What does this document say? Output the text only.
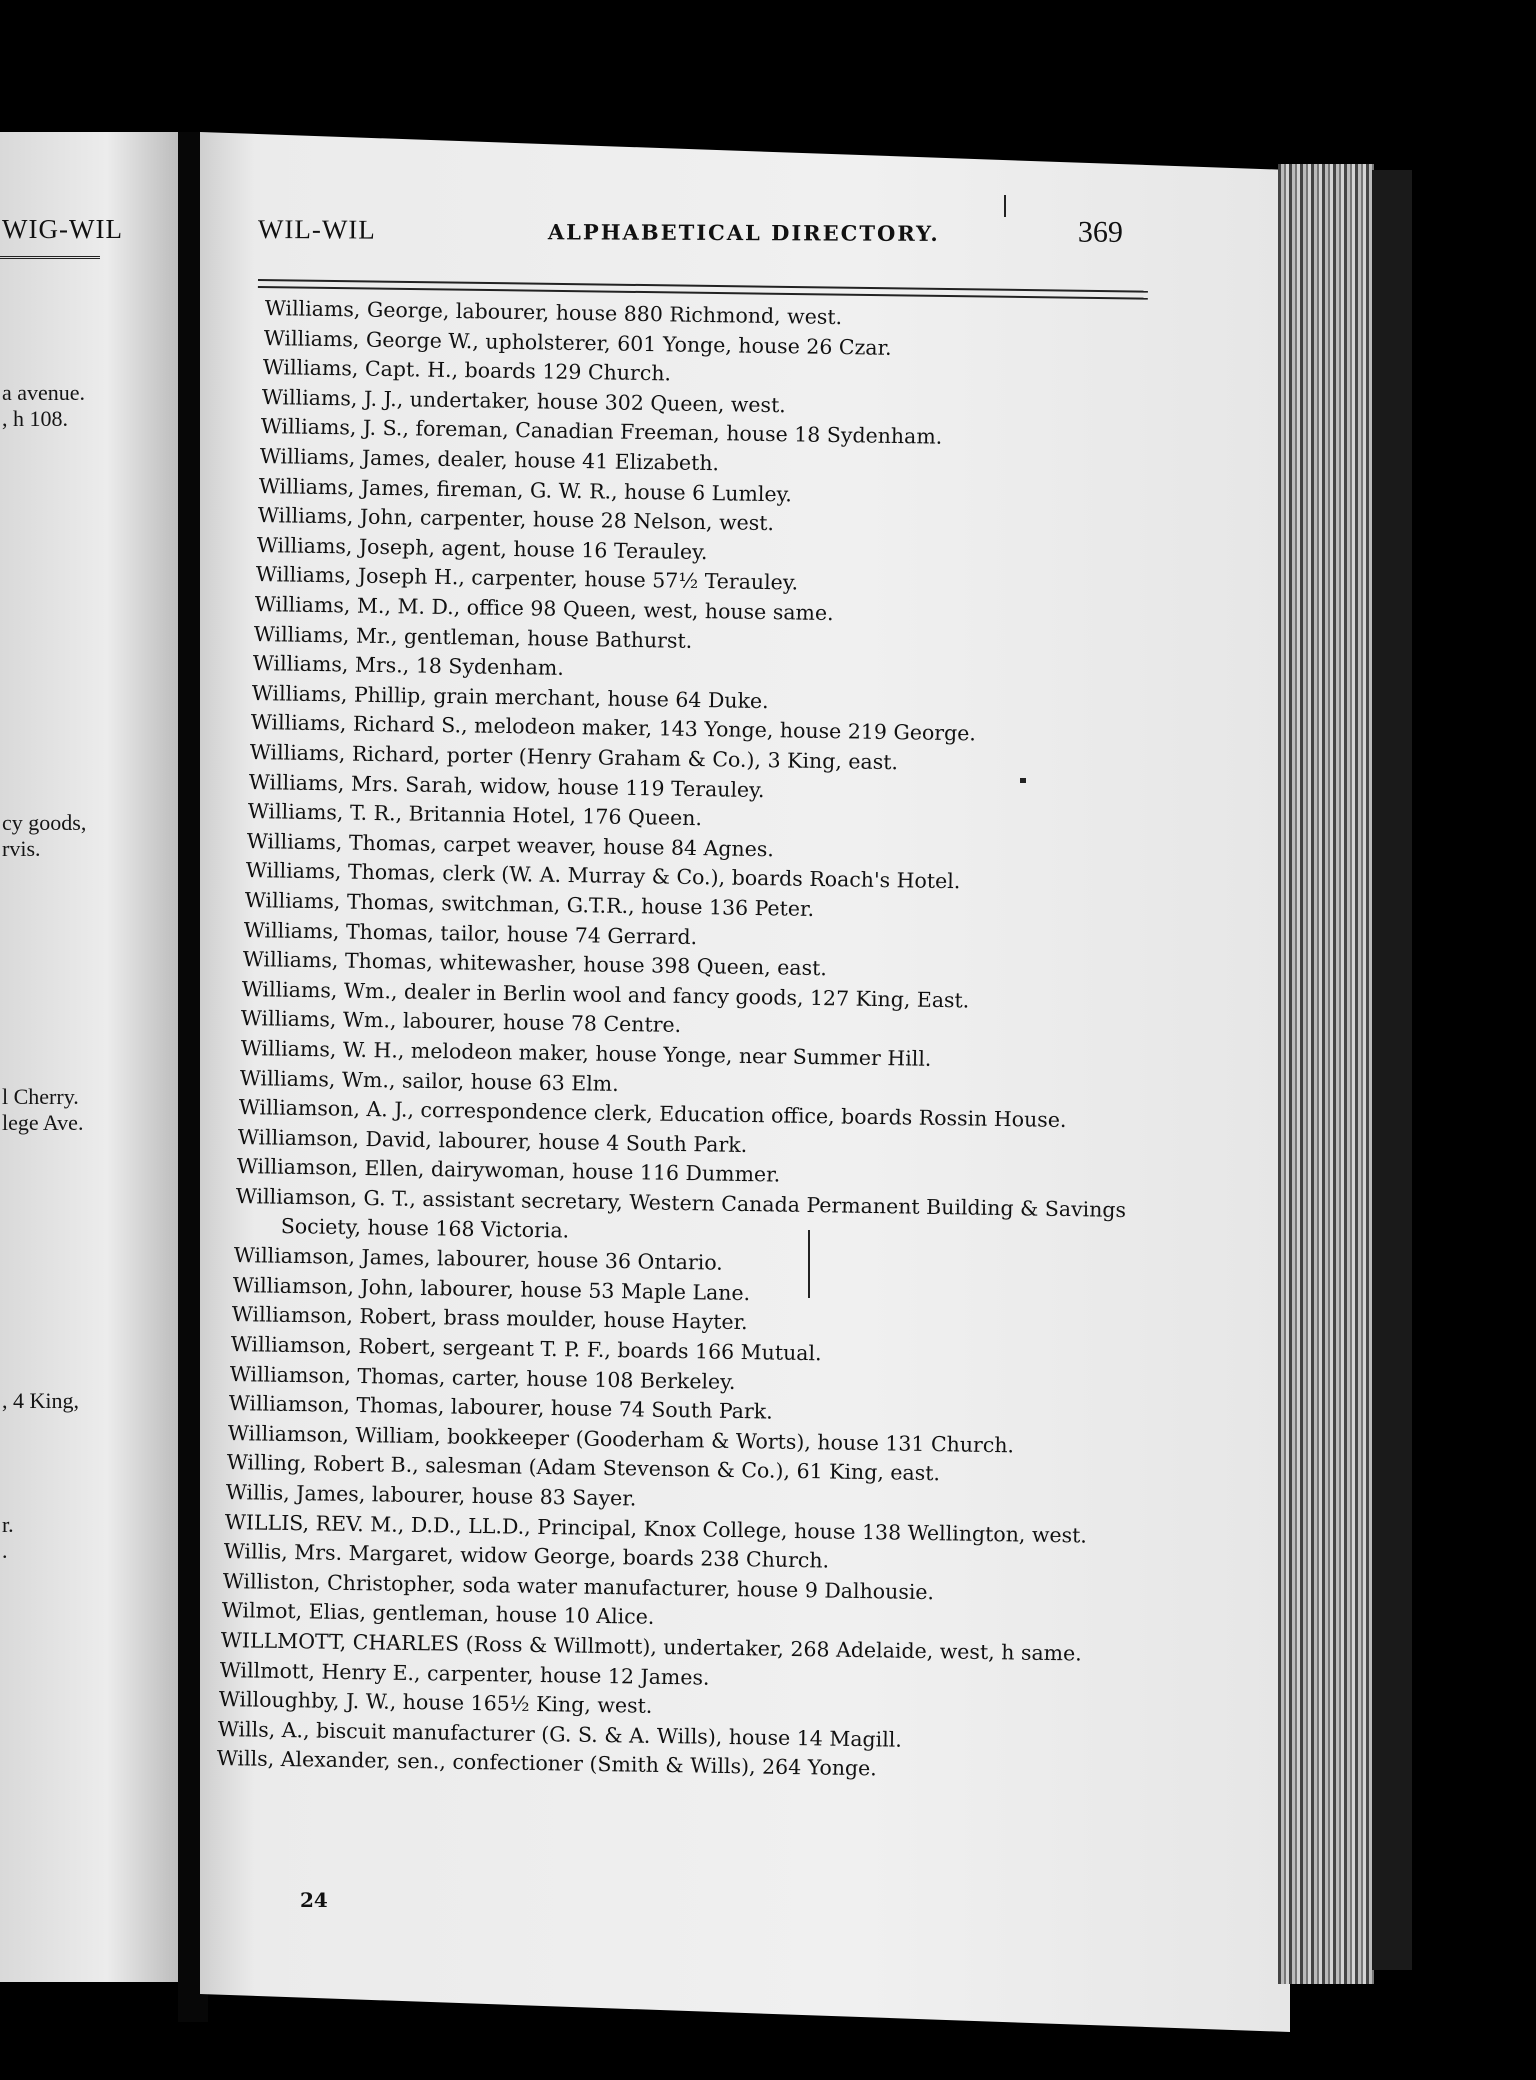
WIG-WIL
a avenue.
, h 108.
cy goods,
rvis.
l Cherry.
lege Ave.
, 4 King,
r.
.
WIL-WIL	ALPHABETICAL DIRECTORY.	369
Williams, George, labourer, house 880 Richmond, west.
Williams, George W., upholsterer, 601 Yonge, house 26 Czar.
Williams, Capt. H., boards 129 Church.
Williams, J. J., undertaker, house 302 Queen, west.
Williams, J. S., foreman, Canadian Freeman, house 18 Sydenham.
Williams, James, dealer, house 41 Elizabeth.
Williams, James, fireman, G. W. R., house 6 Lumley.
Williams, John, carpenter, house 28 Nelson, west.
Williams, Joseph, agent, house 16 Terauley.
Williams, Joseph H., carpenter, house 57½ Terauley.
Williams, M., M. D., office 98 Queen, west, house same.
Williams, Mr., gentleman, house Bathurst.
Williams, Mrs., 18 Sydenham.
Williams, Phillip, grain merchant, house 64 Duke.
Williams, Richard S., melodeon maker, 143 Yonge, house 219 George.
Williams, Richard, porter (Henry Graham & Co.), 3 King, east.
Williams, Mrs. Sarah, widow, house 119 Terauley.
Williams, T. R., Britannia Hotel, 176 Queen.
Williams, Thomas, carpet weaver, house 84 Agnes.
Williams, Thomas, clerk (W. A. Murray & Co.), boards Roach's Hotel.
Williams, Thomas, switchman, G.T.R., house 136 Peter.
Williams, Thomas, tailor, house 74 Gerrard.
Williams, Thomas, whitewasher, house 398 Queen, east.
Williams, Wm., dealer in Berlin wool and fancy goods, 127 King, East.
Williams, Wm., labourer, house 78 Centre.
Williams, W. H., melodeon maker, house Yonge, near Summer Hill.
Williams, Wm., sailor, house 63 Elm.
Williamson, A. J., correspondence clerk, Education office, boards Rossin House.
Williamson, David, labourer, house 4 South Park.
Williamson, Ellen, dairywoman, house 116 Dummer.
Williamson, G. T., assistant secretary, Western Canada Permanent Building & Savings
Society, house 168 Victoria.
Williamson, James, labourer, house 36 Ontario.
Williamson, John, labourer, house 53 Maple Lane.
Williamson, Robert, brass moulder, house Hayter.
Williamson, Robert, sergeant T. P. F., boards 166 Mutual.
Williamson, Thomas, carter, house 108 Berkeley.
Williamson, Thomas, labourer, house 74 South Park.
Williamson, William, bookkeeper (Gooderham & Worts), house 131 Church.
Willing, Robert B., salesman (Adam Stevenson & Co.), 61 King, east.
Willis, James, labourer, house 83 Sayer.
WILLIS, REV. M., D.D., LL.D., Principal, Knox College, house 138 Wellington, west.
Willis, Mrs. Margaret, widow George, boards 238 Church.
Williston, Christopher, soda water manufacturer, house 9 Dalhousie.
Wilmot, Elias, gentleman, house 10 Alice.
WILLMOTT, CHARLES (Ross & Willmott), undertaker, 268 Adelaide, west, h same.
Willmott, Henry E., carpenter, house 12 James.
Willoughby, J. W., house 165½ King, west.
Wills, A., biscuit manufacturer (G. S. & A. Wills), house 14 Magill.
Wills, Alexander, sen., confectioner (Smith & Wills), 264 Yonge.
24
